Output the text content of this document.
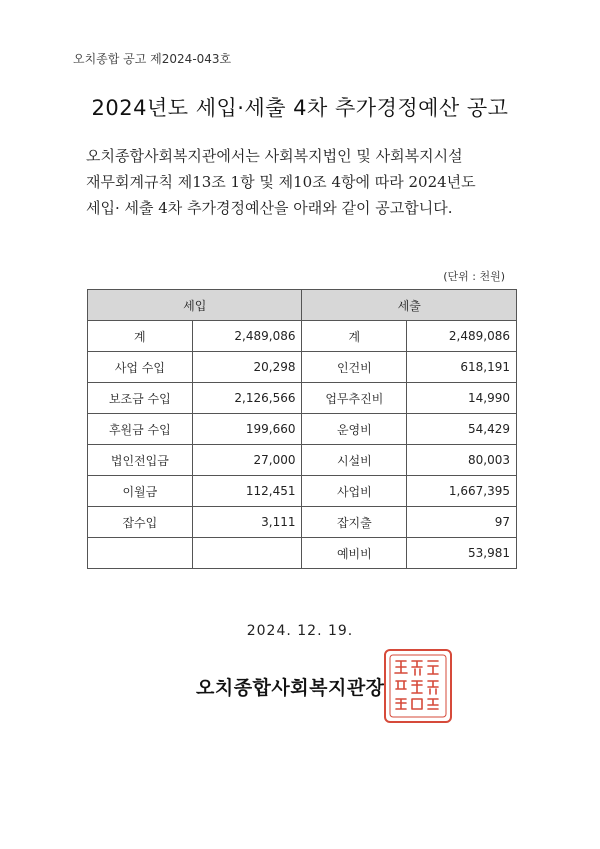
오치종합 공고 제2024-043호
2024년도 세입·세출 4차 추가경정예산 공고
오치종합사회복지관에서는 사회복지법인 및 사회복지시설
재무회계규칙 제13조 1항 및 제10조 4항에 따라 2024년도
세입· 세출 4차 추가경정예산을 아래와 같이 공고합니다.
(단위 : 천원)
세입		세출	
계	2,489,086	계	2,489,086
사업 수입	20,298	인건비	618,191
보조금 수입	2,126,566	업무추진비	14,990
후원금 수입	199,660	운영비	54,429
법인전입금	27,000	시설비	80,003
이월금	112,451	사업비	1,667,395
잡수입	3,111	잡지출	97
		예비비	53,981
2024. 12. 19.
오치종합사회복지관장
